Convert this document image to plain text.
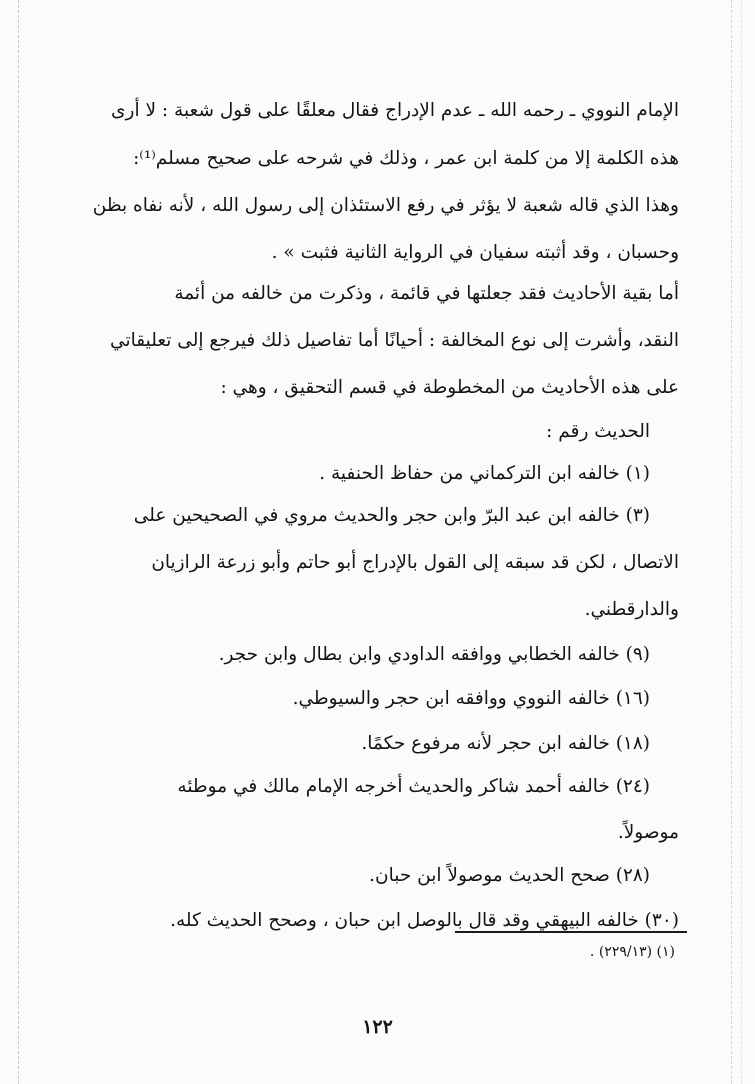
الإمام النووي ـ رحمه الله ـ عدم الإدراج فقال معلقًا على قول شعبة : لا أرى
هذه الكلمة إلا من كلمة ابن عمر ، وذلك في شرحه على صحيح مسلم⁽¹⁾:
وهذا الذي قاله شعبة لا يؤثر في رفع الاستئذان إلى رسول الله ، لأنه نفاه بظن
وحسبان ، وقد أثبته سفيان في الرواية الثانية فثبت » .
أما بقية الأحاديث فقد جعلتها في قائمة ، وذكرت من خالفه من أئمة
النقد، وأشرت إلى نوع المخالفة : أحيانًا أما تفاصيل ذلك فيرجع إلى تعليقاتي
على هذه الأحاديث من المخطوطة في قسم التحقيق ، وهي :
الحديث رقم :
(١) خالفه ابن التركماني من حفاظ الحنفية .
(٣) خالفه ابن عبد البرّ وابن حجر والحديث مروي في الصحيحين على
الاتصال ، لكن قد سبقه إلى القول بالإدراج أبو حاتم وأبو زرعة الرازيان
والدارقطني.
(٩) خالفه الخطابي ووافقه الداودي وابن بطال وابن حجر.
(١٦) خالفه النووي ووافقه ابن حجر والسيوطي.
(١٨) خالفه ابن حجر لأنه مرفوع حكمًا.
(٢٤) خالفه أحمد شاكر والحديث أخرجه الإمام مالك في موطئه
موصولاً.
(٢٨) صحح الحديث موصولاً ابن حبان.
(٣٠) خالفه البيهقي وقد قال بالوصل ابن حبان ، وصحح الحديث كله.
(١) (٢٢٩/١٣) .
١٢٢
